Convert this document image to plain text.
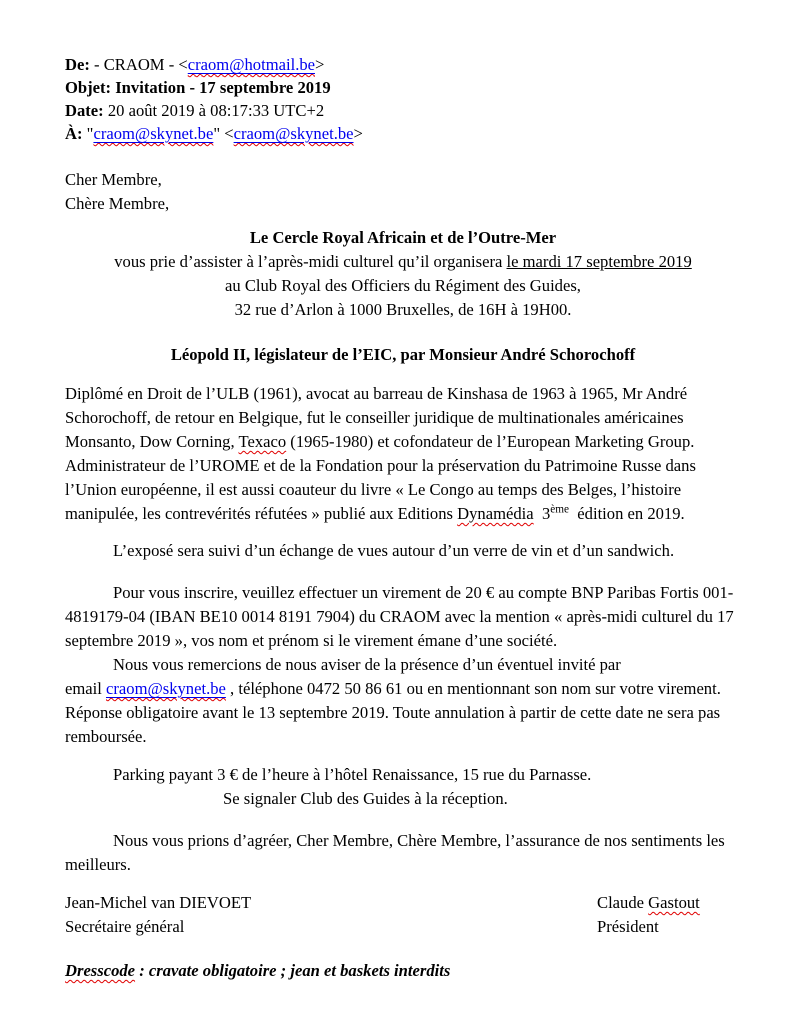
De: - CRAOM - <craom@hotmail.be>

Objet: Invitation - 17 septembre 2019

Date: 20 août 2019 à 08:17:33 UTC+2

À: "craom@skynet.be" <craom@skynet.be>

Cher Membre,

Chère Membre,

Le Cercle Royal Africain et de l’Outre-Mer

vous prie d’assister à l’après-midi culturel qu’il organisera le mardi 17 septembre 2019

au Club Royal des Officiers du Régiment des Guides,

32 rue d’Arlon à 1000 Bruxelles, de 16H à 19H00.

Léopold II, législateur de l’EIC, par Monsieur André Schorochoff

Diplômé en Droit de l’ULB (1961), avocat au barreau de Kinshasa de 1963 à 1965, Mr André Schorochoff, de retour en Belgique, fut le conseiller juridique de multinationales américaines Monsanto, Dow Corning, Texaco (1965-1980) et cofondateur de l’European Marketing Group. Administrateur de l’UROME et de la Fondation pour la préservation du Patrimoine Russe dans l’Union européenne, il est aussi coauteur du livre « Le Congo au temps des Belges, l’histoire manipulée, les contrevérités réfutées » publié aux Editions Dynamédia  3ème  édition en 2019.

L’exposé sera suivi d’un échange de vues autour d’un verre de vin et d’un sandwich.

Pour vous inscrire, veuillez effectuer un virement de 20 € au compte BNP Paribas Fortis 001-4819179-04 (IBAN BE10 0014 8191 7904) du CRAOM avec la mention « après-midi culturel du 17 septembre 2019 », vos nom et prénom si le virement émane d’une société.

Nous vous remercions de nous aviser de la présence d’un éventuel invité par
email craom@skynet.be , téléphone 0472 50 86 61 ou en mentionnant son nom sur votre virement. Réponse obligatoire avant le 13 septembre 2019. Toute annulation à partir de cette date ne sera pas remboursée.

Parking payant 3 € de l’heure à l’hôtel Renaissance, 15 rue du Parnasse.

Se signaler Club des Guides à la réception.

Nous vous prions d’agréer, Cher Membre, Chère Membre, l’assurance de nos sentiments les meilleurs.

Jean-Michel van DIEVOET

Secrétaire général

Claude Gastout

Président

Dresscode : cravate obligatoire ; jean et baskets interdits
